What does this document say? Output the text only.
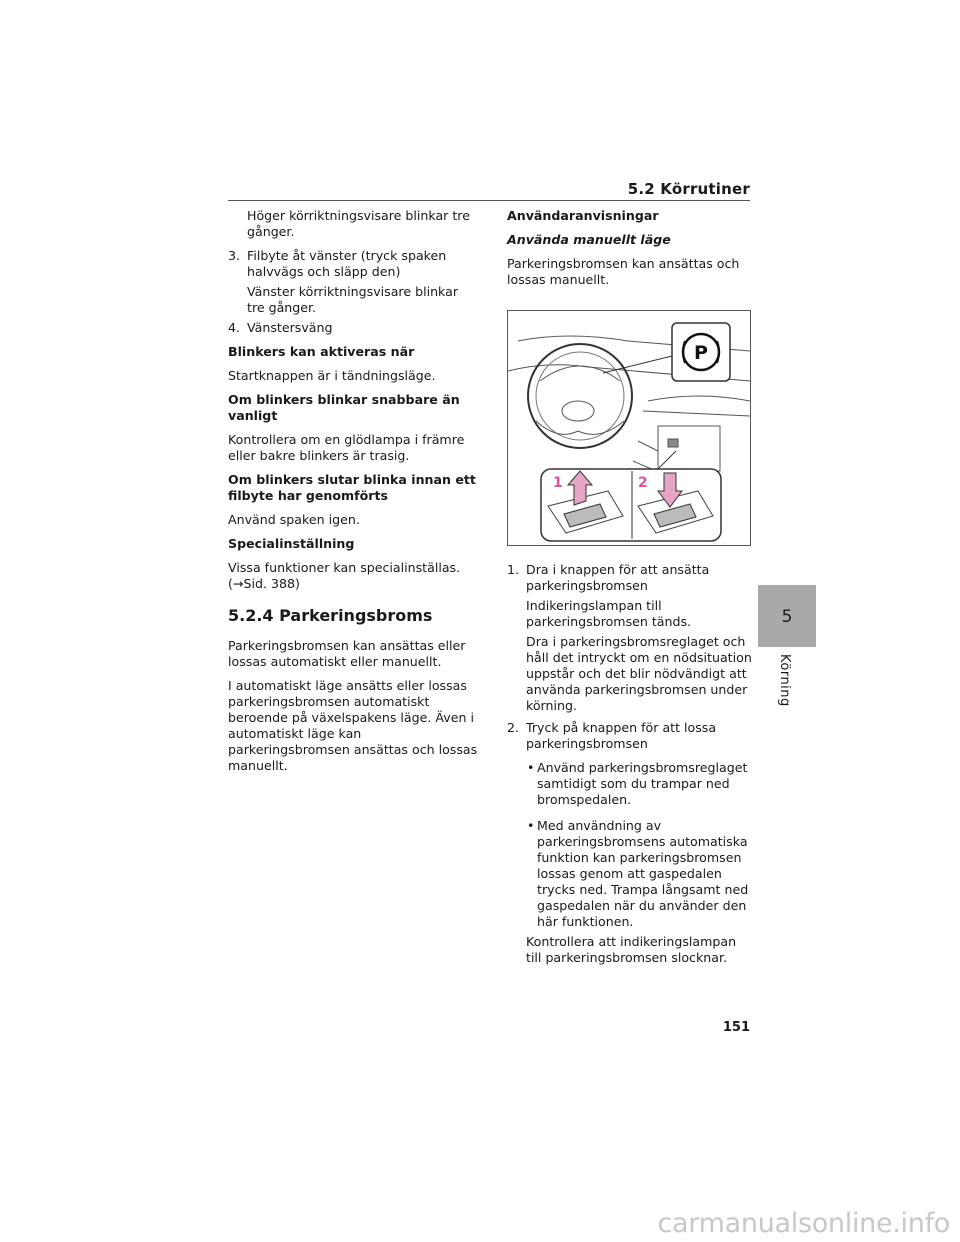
5.2 Körrutiner

Höger körriktningsvisare blinkar tre gånger.

3. Filbyte åt vänster (tryck spaken halvvägs och släpp den)

Vänster körriktningsvisare blinkar tre gånger.

4. Vänstersväng

Blinkers kan aktiveras när

Startknappen är i tändningsläge.

Om blinkers blinkar snabbare än vanligt

Kontrollera om en glödlampa i främre eller bakre blinkers är trasig.

Om blinkers slutar blinka innan ett filbyte har genomförts

Använd spaken igen.

Specialinställning

Vissa funktioner kan specialinställas. (→Sid. 388)

5.2.4 Parkeringsbroms

Parkeringsbromsen kan ansättas eller lossas automatiskt eller manuellt.

I automatiskt läge ansätts eller lossas parkeringsbromsen automatiskt beroende på växelspakens läge. Även i automatiskt läge kan parkeringsbromsen ansättas och lossas manuellt.

Användaranvisningar

Använda manuellt läge

Parkeringsbromsen kan ansättas och lossas manuellt.

P
1	2
1. Dra i knappen för att ansätta parkeringsbromsen

Indikeringslampan till parkeringsbromsen tänds.

Dra i parkeringsbromsreglaget och håll det intryckt om en nödsituation uppstår och det blir nödvändigt att använda parkeringsbromsen under körning.

2. Tryck på knappen för att lossa parkeringsbromsen
• Använd parkeringsbromsreglaget samtidigt som du trampar ned bromspedalen.
• Med användning av parkeringsbromsens automatiska funktion kan parkeringsbromsen lossas genom att gaspedalen trycks ned. Trampa långsamt ned gaspedalen när du använder den här funktionen.

Kontrollera att indikeringslampan till parkeringsbromsen slocknar.

5
Körning
151
carmanualsonline.info
